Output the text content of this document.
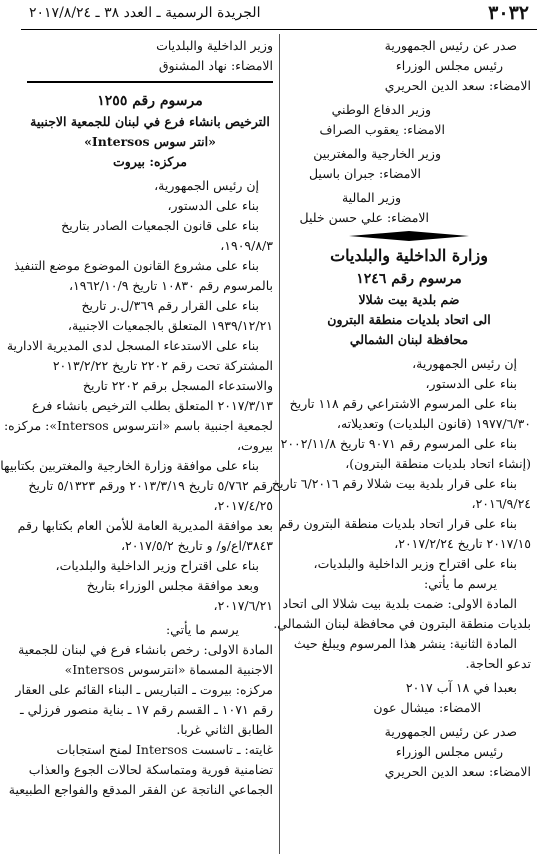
٣٠٣٢
الجريدة الرسمية ـ العدد ٣٨ ـ ٢٠١٧/٨/٢٤
صدر عن رئيس الجمهورية
رئيس مجلس الوزراء
الامضاء: سعد الدين الحريري
وزير الدفاع الوطني
الامضاء: يعقوب الصراف
وزير الخارجية والمغتربين
الامضاء: جبران باسيل
وزير المالية
الامضاء: علي حسن خليل
وزارة الداخلية والبلديات
مرسوم رقم ١٢٤٦
ضم بلدية بيت شلالا
الى اتحاد بلديات منطقة البترون
محافظة لبنان الشمالي
إن رئيس الجمهورية،
بناء على الدستور،
بناء على المرسوم الاشتراعي رقم ١١٨ تاريخ
١٩٧٧/٦/٣٠ (قانون البلديات) وتعديلاته،
بناء على المرسوم رقم ٩٠٧١ تاريخ ٢٠٠٢/١١/٨
(إنشاء اتحاد بلديات منطقة البترون)،
بناء على قرار بلدية بيت شلالا رقم ٦/٢٠١٦ تاريخ
٢٠١٦/٩/٢٤،
بناء على قرار اتحاد بلديات منطقة البترون رقم
٢٠١٧/١٥ تاريخ ٢٠١٧/٢/٢٤،
بناء على اقتراح وزير الداخلية والبلديات،
يرسم ما يأتي:
المادة الاولى: ضمت بلدية بيت شلالا الى اتحاد
بلديات منطقة البترون في محافظة لبنان الشمالي.
المادة الثانية: ينشر هذا المرسوم ويبلغ حيث
تدعو الحاجة.
بعبدا في ١٨ آب ٢٠١٧
الامضاء: ميشال عون
صدر عن رئيس الجمهورية
رئيس مجلس الوزراء
الامضاء: سعد الدين الحريري
وزير الداخلية والبلديات
الامضاء: نهاد المشنوق
مرسوم رقم ١٢٥٥
الترخيص بانشاء فرع في لبنان للجمعية الاجنبية
«انتر سوس Intersos»
مركزه: بيروت
إن رئيس الجمهورية،
بناء على الدستور،
بناء على قانون الجمعيات الصادر بتاريخ
١٩٠٩/٨/٣،
بناء على مشروع القانون الموضوع موضع التنفيذ
بالمرسوم رقم ١٠٨٣٠ تاريخ ١٩٦٢/١٠/٩،
بناء على القرار رقم ٣٦٩/ل.ر تاريخ
١٩٣٩/١٢/٢١ المتعلق بالجمعيات الاجنبية،
بناء على الاستدعاء المسجل لدى المديرية الادارية
المشتركة تحت رقم ٢٢٠٢ تاريخ ٢٠١٣/٢/٢٢
والاستدعاء المسجل برقم ٢٢٠٢ تاريخ
٢٠١٧/٣/١٣ المتعلق بطلب الترخيص بانشاء فرع
لجمعية اجنبية باسم «انترسوس Intersos»: مركزه:
بيروت،
بناء على موافقة وزارة الخارجية والمغتربين بكتابيها
رقم ٥/٧٦٢ تاريخ ٢٠١٣/٣/١٩ ورقم ٥/١٣٢٣ تاريخ
٢٠١٧/٤/٢٥،
بعد موافقة المديرية العامة للأمن العام بكتابها رقم
٣٨٤٣/اع/و/ و تاريخ ٢٠١٧/٥/٢،
بناء على اقتراح وزير الداخلية والبلديات،
وبعد موافقة مجلس الوزراء بتاريخ
٢٠١٧/٦/٢١،
يرسم ما يأتي:
المادة الاولى: رخص بانشاء فرع في لبنان للجمعية
الاجنبية المسماة «انترسوس Intersos»
مركزه: بيروت ـ التباريس ـ البناء القائم على العقار
رقم ١٠٧١ ـ القسم رقم ١٧ ـ بناية منصور فرزلي ـ
الطابق الثاني غربا.
غايته: ـ تاسست Intersos لمنح استجابات
تضامنية فورية ومتماسكة لحالات الجوع والعذاب
الجماعي الناتجة عن الفقر المدقع والفواجع الطبيعية
